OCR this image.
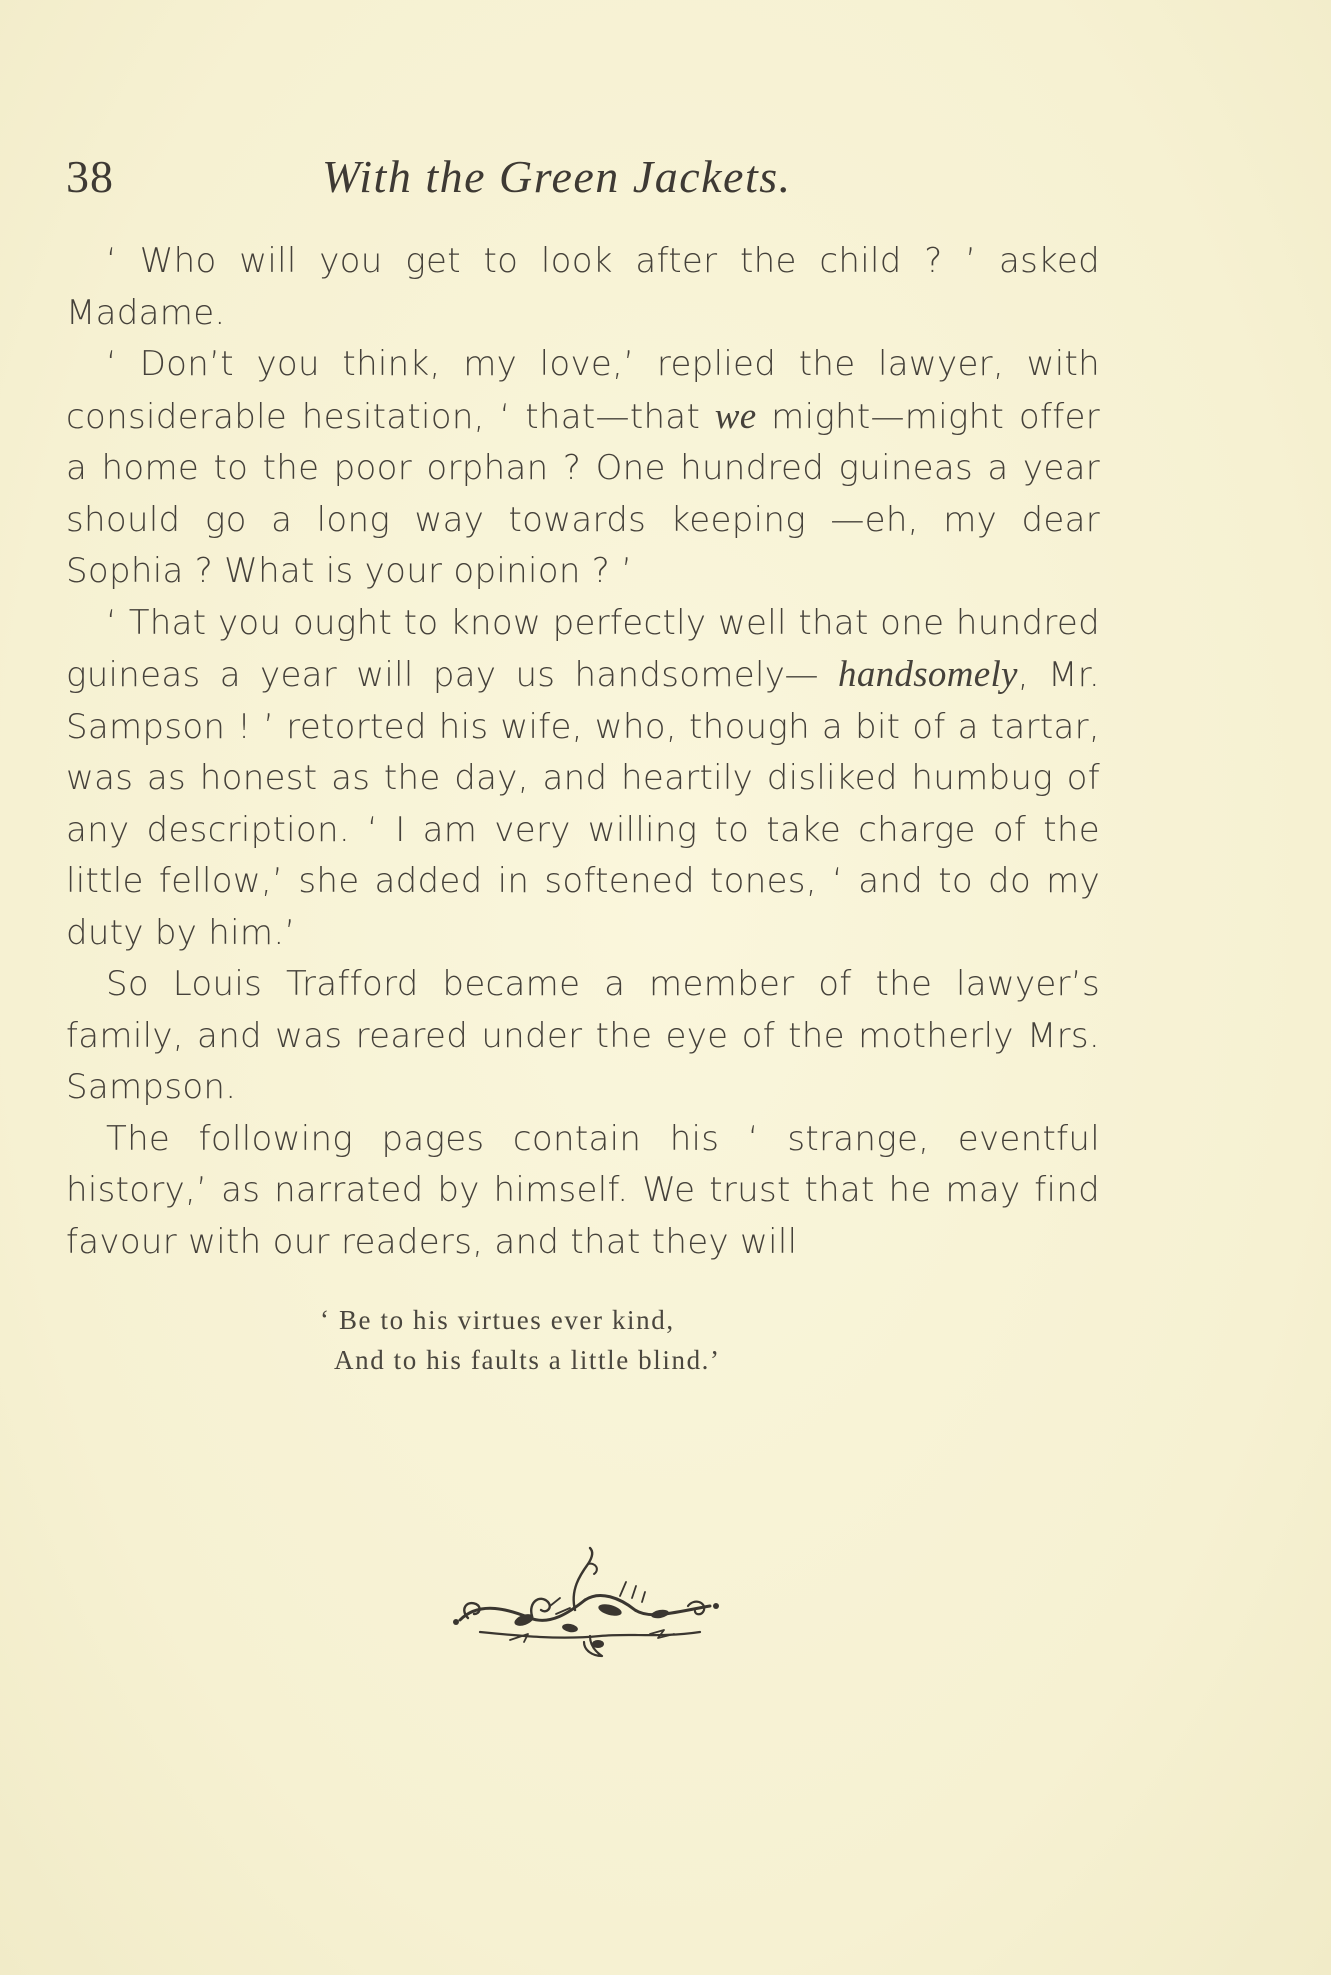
38	With the Green Jackets.

‘ Who will you get to look after the child ? ’ asked Madame.

‘ Don’t you think, my love,’ replied the lawyer, with considerable hesitation, ‘ that—that we might—might offer a home to the poor orphan ? One hundred guineas a year should go a long way towards keeping —eh, my dear Sophia ? What is your opinion ? ’

‘ That you ought to know perfectly well that one hundred guineas a year will pay us handsomely— handsomely, Mr. Sampson ! ’ retorted his wife, who, though a bit of a tartar, was as honest as the day, and heartily disliked humbug of any description. ‘ I am very willing to take charge of the little fellow,’ she added in softened tones, ‘ and to do my duty by him.’

So Louis Trafford became a member of the lawyer’s family, and was reared under the eye of the motherly Mrs. Sampson.

The following pages contain his ‘ strange, eventful history,’ as narrated by himself. We trust that he may find favour with our readers, and that they will

‘ Be to his virtues ever kind,
And to his faults a little blind.’
